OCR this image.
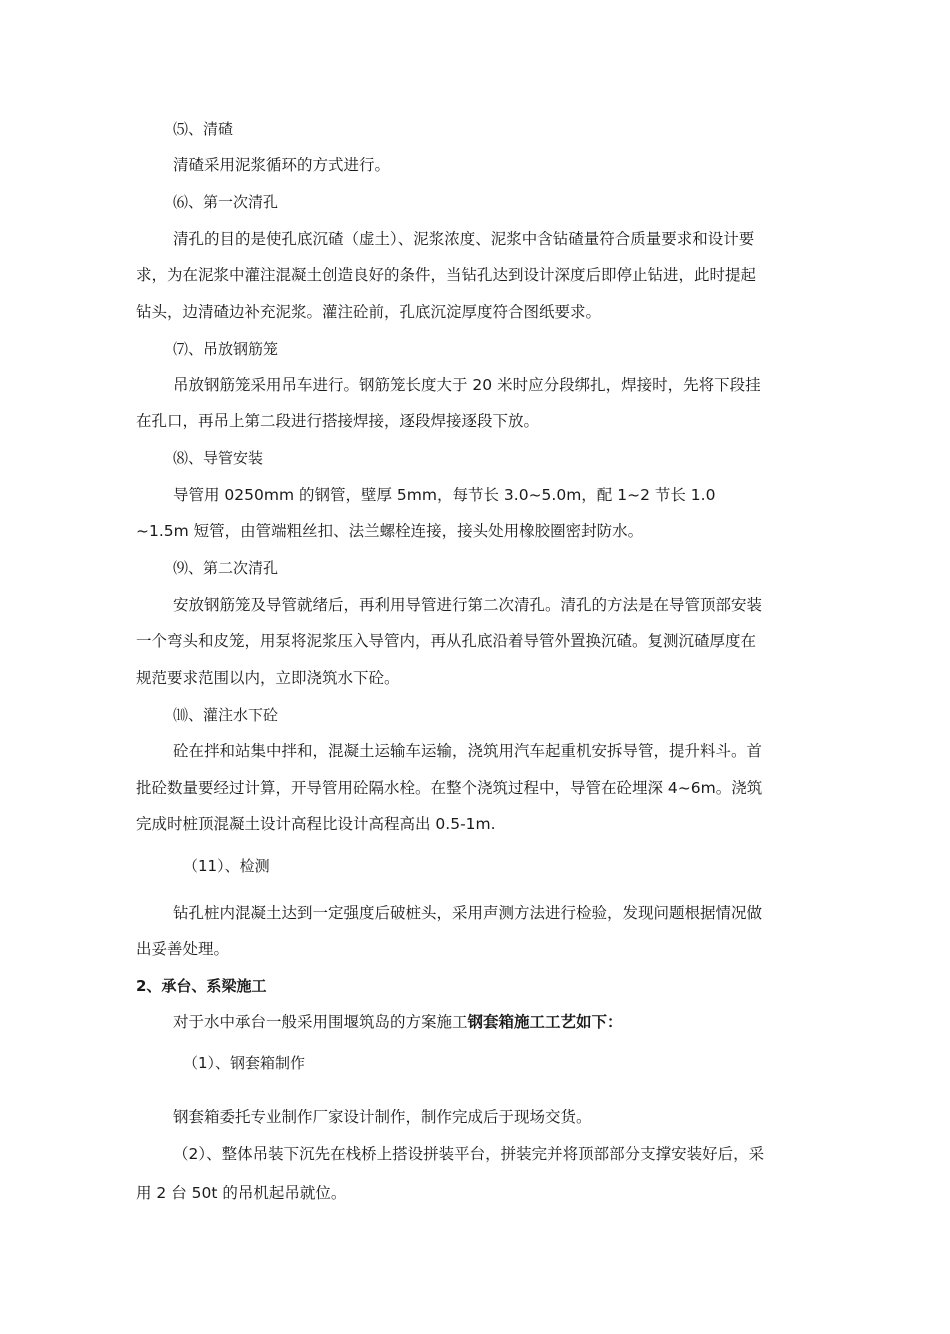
⑸、清碴
清碴采用泥浆循环的方式进行。
⑹、第一次清孔
清孔的目的是使孔底沉碴（虚土）、泥浆浓度、泥浆中含钻碴量符合质量要求和设计要
求，为在泥浆中灌注混凝土创造良好的条件，当钻孔达到设计深度后即停止钻进，此时提起
钻头，边清碴边补充泥浆。灌注砼前，孔底沉淀厚度符合图纸要求。
⑺、吊放钢筋笼
吊放钢筋笼采用吊车进行。钢筋笼长度大于 20 米时应分段绑扎，焊接时，先将下段挂
在孔口，再吊上第二段进行搭接焊接，逐段焊接逐段下放。
⑻、导管安装
导管用 0250mm 的钢管，壁厚 5mm，每节长 3.0~5.0m，配 1~2 节长 1.0
~1.5m 短管，由管端粗丝扣、法兰螺栓连接，接头处用橡胶圈密封防水。
⑼、第二次清孔
安放钢筋笼及导管就绪后，再利用导管进行第二次清孔。清孔的方法是在导管顶部安装
一个弯头和皮笼，用泵将泥浆压入导管内，再从孔底沿着导管外置换沉碴。复测沉碴厚度在
规范要求范围以内，立即浇筑水下砼。
⑽、灌注水下砼
砼在拌和站集中拌和，混凝土运输车运输，浇筑用汽车起重机安拆导管，提升料斗。首
批砼数量要经过计算，开导管用砼隔水栓。在整个浇筑过程中，导管在砼埋深 4~6m。浇筑
完成时桩顶混凝土设计高程比设计高程高出 0.5-1m.
（11）、检测
钻孔桩内混凝土达到一定强度后破桩头，采用声测方法进行检验，发现问题根据情况做
出妥善处理。
2、承台、系梁施工
对于水中承台一般采用围堰筑岛的方案施工钢套箱施工工艺如下：
（1）、钢套箱制作
钢套箱委托专业制作厂家设计制作，制作完成后于现场交货。
（2）、整体吊装下沉先在栈桥上搭设拼装平台，拼装完并将顶部部分支撑安装好后，采
用 2 台 50t 的吊机起吊就位。
